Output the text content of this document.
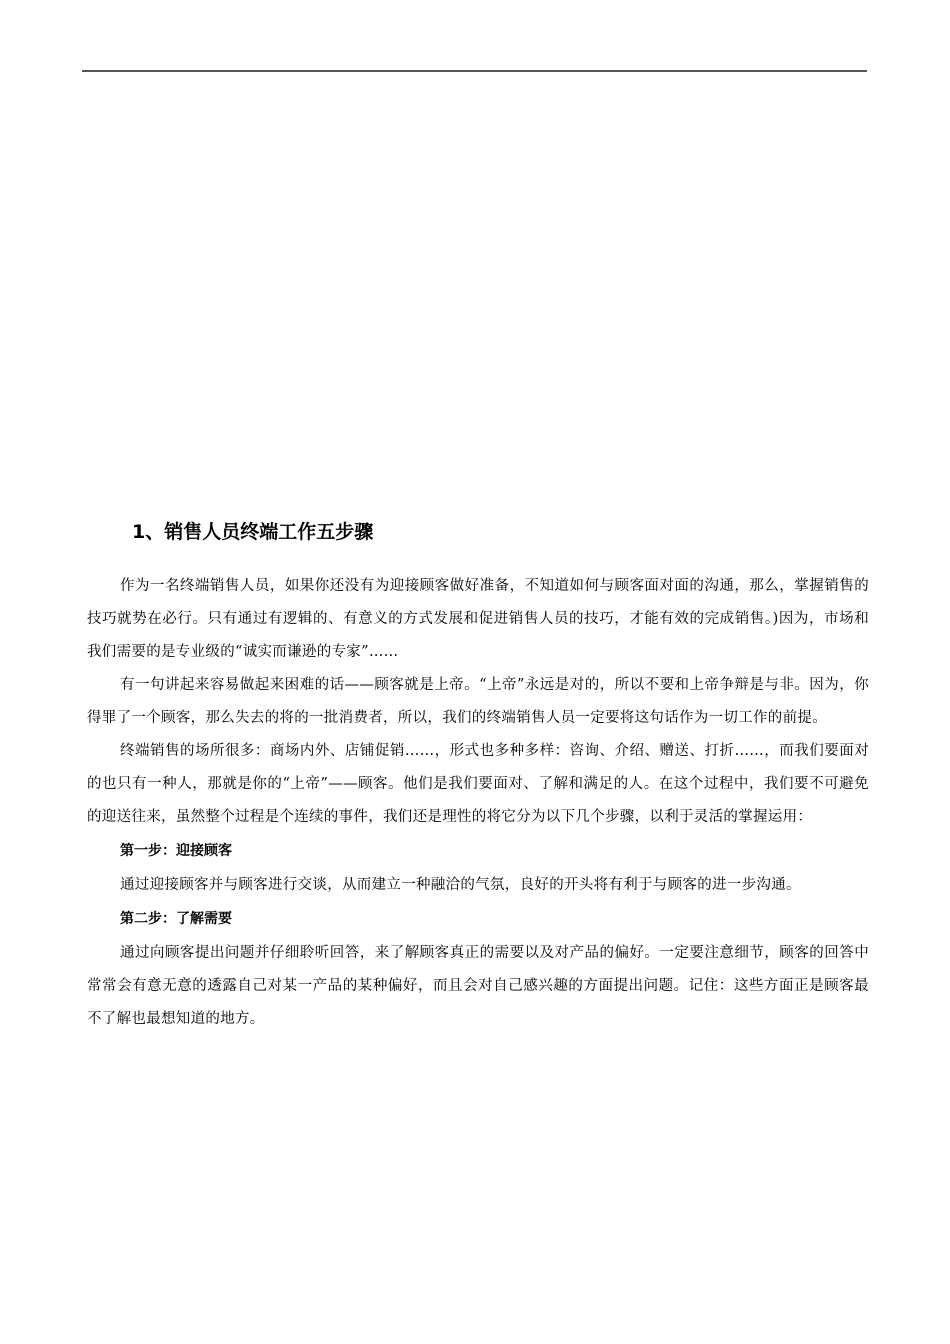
1、销售人员终端工作五步骤

作为一名终端销售人员，如果你还没有为迎接顾客做好准备，不知道如何与顾客面对面的沟通，那么，掌握销售的技巧就势在必行。只有通过有逻辑的、有意义的方式发展和促进销售人员的技巧，才能有效的完成销售。)因为，市场和我们需要的是专业级的“诚实而谦逊的专家”……

有一句讲起来容易做起来困难的话——顾客就是上帝。“上帝”永远是对的，所以不要和上帝争辩是与非。因为，你得罪了一个顾客，那么失去的将的一批消费者，所以，我们的终端销售人员一定要将这句话作为一切工作的前提。

终端销售的场所很多：商场内外、店铺促销……，形式也多种多样：咨询、介绍、赠送、打折……，而我们要面对的也只有一种人，那就是你的“上帝”——顾客。他们是我们要面对、了解和满足的人。在这个过程中，我们要不可避免的迎送往来，虽然整个过程是个连续的事件，我们还是理性的将它分为以下几个步骤，以利于灵活的掌握运用：

第一步：迎接顾客

通过迎接顾客并与顾客进行交谈，从而建立一种融洽的气氛，良好的开头将有利于与顾客的进一步沟通。

第二步：了解需要

通过向顾客提出问题并仔细聆听回答，来了解顾客真正的需要以及对产品的偏好。一定要注意细节，顾客的回答中常常会有意无意的透露自己对某一产品的某种偏好，而且会对自己感兴趣的方面提出问题。记住：这些方面正是顾客最不了解也最想知道的地方。
